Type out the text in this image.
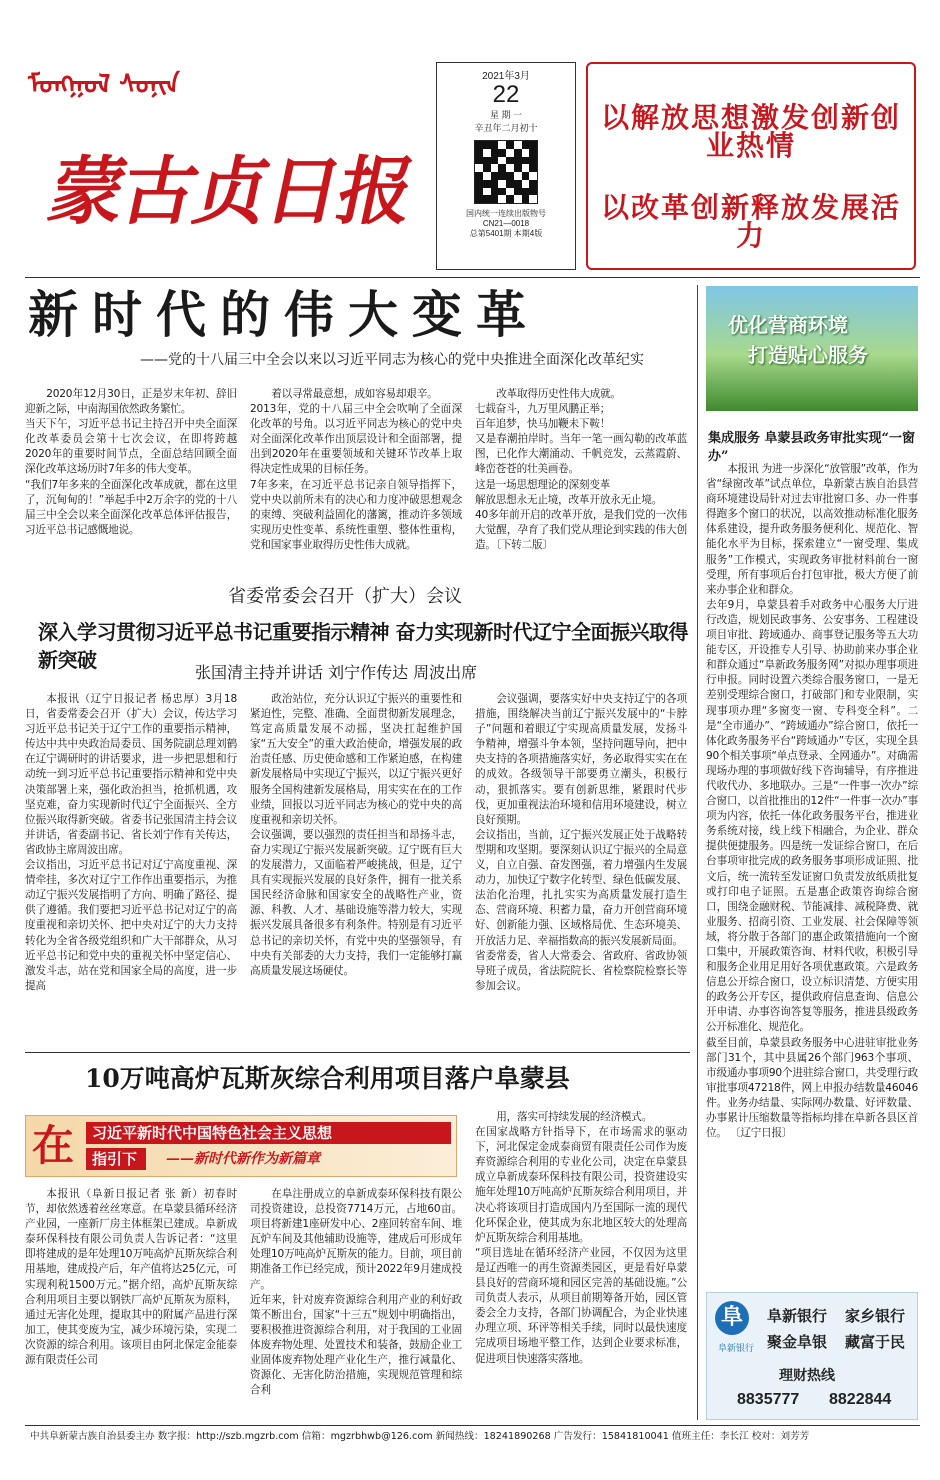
ᠮᠣᠩᠭᠣᠯ ᠰᠣᠨᠢᠨ
蒙古贞日报
2021年3月
22
星 期 一
辛丑年二月初十
国内统一连续出版物号
CN21—0018
总第5401期 本期4版
以解放思想激发创新创业热情
以改革创新释放发展活力
新时代的伟大变革
——党的十八届三中全会以来以习近平同志为核心的党中央推进全面深化改革纪实
2020年12月30日，正是岁末年初、辞旧迎新之际，中南海国依然政务繁忙。
当天下午，习近平总书记主持召开中央全面深化改革委员会第十七次会议，在即将跨越2020年的重要时间节点，全面总结回顾全面深化改革这场历时7年多的伟大变革。
“我们7年多来的全面深化改革成就，都在这里了，沉甸甸的！”举起手中2万余字的党的十八届三中全会以来全面深化改革总体评估报告，习近平总书记感慨地说。
着以寻常最意想，成如容易却艰辛。
2013年，党的十八届三中全会吹响了全面深化改革的号角。以习近平同志为核心的党中央对全面深化改革作出顶层设计和全面部署，提出到2020年在重要领域和关键环节改革上取得决定性成果的目标任务。
7年多来，在习近平总书记亲自领导指挥下，党中央以前所未有的决心和力度冲破思想观念的束缚、突破利益固化的藩篱，推动许多领域实现历史性变革、系统性重塑、整体性重构，党和国家事业取得历史性伟大成就。
改革取得历史性伟大成就。
七载奋斗，九万里风鹏正举；
百年追梦，快马加鞭未下鞍！
又是春潮拍岸时。当年一笔一画勾勒的改革蓝图，已化作大潮涌动、千帆竞发，云蒸霞蔚、峰峦苍苍的壮美画卷。
这是一场思想理论的深刻变革
解放思想永无止境，改革开放永无止境。
40多年前开启的改革开放，是我们党的一次伟大觉醒，孕育了我们党从理论到实践的伟大创造。〔下转二版〕
省委常委会召开（扩大）会议
深入学习贯彻习近平总书记重要指示精神 奋力实现新时代辽宁全面振兴取得新突破
张国清主持并讲话 刘宁作传达 周波出席
本报讯（辽宁日报记者 杨忠厚）3月18日，省委常委会召开（扩大）会议，传达学习习近平总书记关于辽宁工作的重要指示精神，传达中共中央政治局委员、国务院副总理刘鹤在辽宁调研时的讲话要求，进一步把思想和行动统一到习近平总书记重要指示精神和党中央决策部署上来，强化政治担当，抢抓机遇，攻坚克难，奋力实现新时代辽宁全面振兴、全方位振兴取得新突破。省委书记张国清主持会议并讲话，省委副书记、省长刘宁作有关传达，省政协主席周波出席。
会议指出，习近平总书记对辽宁高度重视、深情牵挂，多次对辽宁工作作出重要指示，为推动辽宁振兴发展指明了方向、明确了路径、提供了遵循。我们要把习近平总书记对辽宁的高度重视和亲切关怀、把中央对辽宁的大力支持转化为全省各级党组织和广大干部群众，从习近平总书记和党中央的重视关怀中坚定信心、激发斗志，站在党和国家全局的高度，进一步提高
政治站位，充分认识辽宁振兴的重要性和紧迫性，完整、准确、全面贯彻新发展理念，笃定高质量发展不动摇，坚决扛起维护国家“五大安全”的重大政治使命，增强发展的政治责任感、历史使命感和工作紧迫感，在构建新发展格局中实现辽宁振兴，以辽宁振兴更好服务全国构建新发展格局，用实实在在的工作业绩，回报以习近平同志为核心的党中央的高度重视和亲切关怀。
会议强调，要以强烈的责任担当和昂扬斗志，奋力实现辽宁振兴发展新突破。辽宁既有巨大的发展潜力，又面临着严峻挑战，但是，辽宁具有实现振兴发展的良好条件，拥有一批关系国民经济命脉和国家安全的战略性产业，资源、科教、人才、基础设施等潜力较大，实现振兴发展具备很多有利条件。特别是有习近平总书记的亲切关怀，有党中央的坚强领导，有中央有关部委的大力支持，我们一定能够打赢高质量发展这场硬仗。
会议强调，要落实好中央支持辽宁的各项措施，围绕解决当前辽宁振兴发展中的“卡脖子”问题和着眼辽宁实现高质量发展，发扬斗争精神，增强斗争本领，坚持问题导向，把中央支持的各项措施落实好，务必取得实实在在的成效。各级领导干部要勇立潮头，积极行动，狠抓落实。要有创新思维，紧跟时代步伐，更加重视法治环境和信用环境建设，树立良好预期。
会议指出，当前，辽宁振兴发展正处于战略转型期和攻坚期。要深刻认识辽宁振兴的全局意义，自立自强、奋发图强，着力增强内生发展动力，加快辽宁数字化转型、绿色低碳发展、法治化治理，扎扎实实为高质量发展打造生态、营商环境、积蓄力量，奋力开创营商环境好、创新能力强、区域格局优、生态环境美、开放活力足、幸福指数高的振兴发展新局面。
省委常委，省人大常委会、省政府、省政协领导班子成员，省法院院长、省检察院检察长等参加会议。
10万吨高炉瓦斯灰综合利用项目落户阜蒙县
在	习近平新时代中国特色社会主义思想
指引下	——新时代新作为新篇章
本报讯（阜新日报记者 张 新）初春时节，却依然透着丝丝寒意。在阜蒙县循环经济产业园，一座新厂房主体框架已建成。阜新成泰环保科技有限公司负责人告诉记者：“这里即将建成的是年处理10万吨高炉瓦斯灰综合利用基地，建成投产后，年产值将达25亿元，可实现利税1500万元。”据介绍，高炉瓦斯灰综合利用项目主要以钢铁厂高炉瓦斯灰为原料，通过无害化处理，提取其中的附属产品进行深加工，使其变废为宝，减少环境污染，实现二次资源的综合利用。该项目由阿北保定金能泰源有限责任公司
在阜注册成立的阜新成泰环保科技有限公司投资建设，总投资7714万元，占地60亩。项目将新建1座研发中心、2座回转窑车间、堆瓦炉车间及其他辅助设施等，建成后可形成年处理10万吨高炉瓦斯灰的能力。目前，项目前期准备工作已经完成，预计2022年9月建成投产。
近年来，针对废弃资源综合利用产业的利好政策不断出台，国家“十三五”规划中明确指出，要积极推进资源综合利用，对于我国的工业固体废弃物处理、处置技术和装备，鼓励企业工业固体废弃物处理产业化生产，推行减量化、资源化、无害化防治措施，实现规范管理和综合利
用，落实可持续发展的经济模式。
在国家战略方针指导下，在市场需求的驱动下，河北保定金成泰商贸有限责任公司作为废弃资源综合利用的专业化公司，决定在阜蒙县成立阜新成泰环保科技有限公司，投资建设实施年处理10万吨高炉瓦斯灰综合利用项目，并决心将该项目打造成国内乃至国际一流的现代化环保企业，使其成为东北地区较大的处理高炉瓦斯灰综合利用基地。
“项目选址在循环经济产业园，不仅因为这里是辽西唯一的再生资源类园区，更是看好阜蒙县良好的营商环境和园区完善的基础设施。”公司负责人表示，从项目前期筹备开始，园区管委会全力支持，各部门协调配合，为企业快速办理立项、环评等相关手续，同时以最快速度完成项目场地平整工作，达到企业要求标准，促进项目快速落实落地。
优化营商环境
打造贴心服务
集成服务 阜蒙县政务审批实现“一窗办”
本报讯 为进一步深化“放管服”改革，作为省“绿窗改革”试点单位，阜新蒙古族自治县营商环境建设局针对过去审批窗口多、办一件事得跑多个窗口的状况，以高效推动标准化服务体系建设，提升政务服务便利化、规范化、智能化水平为目标，探索建立“一窗受理、集成服务”工作模式，实现政务审批材料前台一窗受理，所有事项后台打包审批，极大方便了前来办事企业和群众。
去年9月，阜蒙县着手对政务中心服务大厅进行改造，规划民政事务、公安事务、工程建设项目审批、跨域通办、商事登记服务等五大功能专区，开设推专人引导、协助前来办事企业和群众通过“阜新政务服务网”对拟办理事项进行申报。同时设置六类综合服务窗口，一是无差别受理综合窗口，打破部门和专业限制，实现事项办理“多窗变一窗、专科变全科”。二是“全市通办”、“跨域通办”综合窗口，依托一体化政务服务平台“跨域通办”专区，实现全县90个相关事项“单点登录、全网通办”。对确需现场办理的事项做好线下咨询辅导，有序推进代收代办、多地联办。三是“一件事一次办”综合窗口，以首批推出的12件“一件事一次办”事项为内容，依托一体化政务服务平台，推进业务系统对接，线上线下相融合，为企业、群众提供便捷服务。四是统一发证综合窗口，在后台事项审批完成的政务服务事项形成证照、批文后，统一流转至发证窗口负责发放纸质批复或打印电子证照。五是惠企政策咨询综合窗口，围绕金融财税、节能减排、减税降费、就业服务、招商引资、工业发展、社会保障等领域，将分散于各部门的惠企政策措施向一个窗口集中，开展政策咨询、材料代收，积极引导和服务企业用足用好各项优惠政策。六是政务信息公开综合窗口，设立标识清楚、方便实用的政务公开专区，提供政府信息查询、信息公开申请、办事咨询答复等服务，推进县级政务公开标准化、规范化。
截至目前，阜蒙县政务服务中心进驻审批业务部门31个，其中县属26个部门963个事项、市级通办事项90个进驻综合窗口，共受理行政审批事项47218件，网上申报办结数量46046件。业务办结量、实际网办数量、好评数量、办事累计压缩数量等指标均排在阜新各县区首位。 〔辽宁日报〕
阜
阜新银行
阜新银行 家乡银行
聚金阜银 藏富于民
理财热线
8835777 8822844
中共阜新蒙古族自治县委主办 数字报：http://szb.mgzrb.com 信箱：mgzrbhwb@126.com 新闻热线：18241890268 广告发行：15841810041 值班主任：李长江 校对：刘芳芳
